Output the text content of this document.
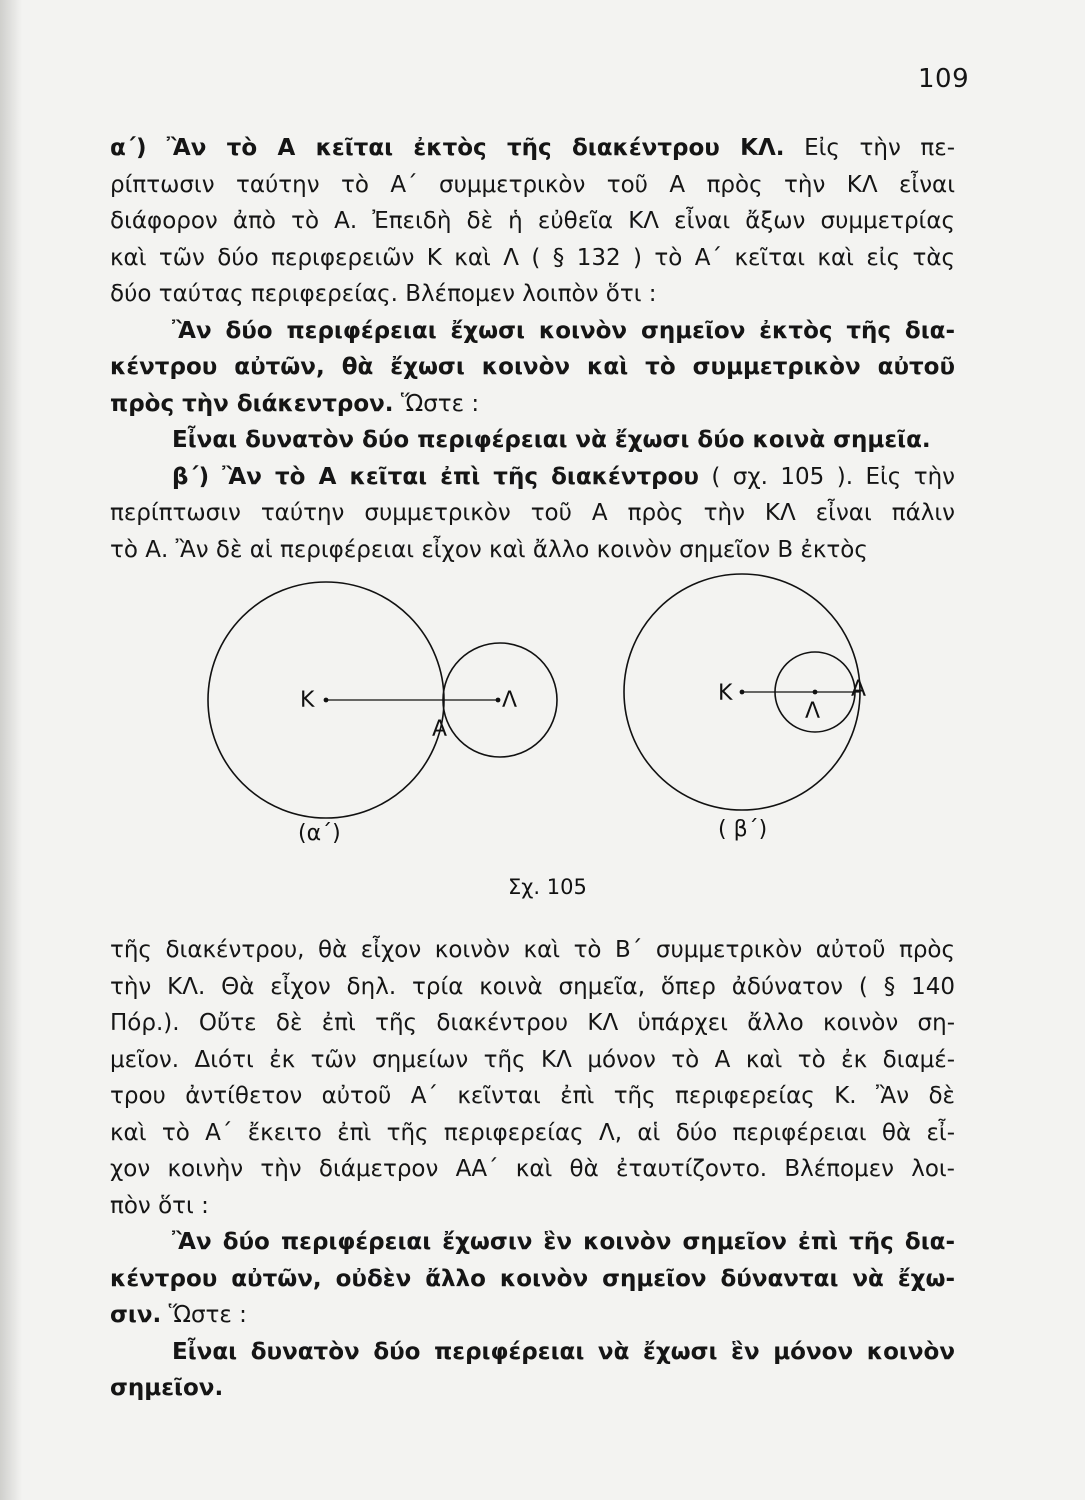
109
α΄) Ἂν τὸ Α κεῖται ἐκτὸς τῆς διακέντρου ΚΛ. Εἰς τὴν πε-
ρίπτωσιν ταύτην τὸ Α΄ συμμετρικὸν τοῦ Α πρὸς τὴν ΚΛ εἶναι
διάφορον ἀπὸ τὸ Α. Ἐπειδὴ δὲ ἡ εὐθεῖα ΚΛ εἶναι ἄξων συμμετρίας
καὶ τῶν δύο περιφερειῶν Κ καὶ Λ ( § 132 ) τὸ Α΄ κεῖται καὶ εἰς τὰς
δύο ταύτας περιφερείας. Βλέπομεν λοιπὸν ὅτι :
Ἂν δύο περιφέρειαι ἔχωσι κοινὸν σημεῖον ἐκτὸς τῆς δια-
κέντρου αὐτῶν, θὰ ἔχωσι κοινὸν καὶ τὸ συμμετρικὸν αὐτοῦ
πρὸς τὴν διάκεντρον. Ὥστε :
Εἶναι δυνατὸν δύο περιφέρειαι νὰ ἔχωσι δύο κοινὰ σημεῖα.
β΄) Ἂν τὸ Α κεῖται ἐπὶ τῆς διακέντρου ( σχ. 105 ). Εἰς τὴν
περίπτωσιν ταύτην συμμετρικὸν τοῦ Α πρὸς τὴν ΚΛ εἶναι πάλιν
τὸ Α. Ἂν δὲ αἱ περιφέρειαι εἶχον καὶ ἄλλο κοινὸν σημεῖον Β ἐκτὸς
Κ	Λ
Α
(α΄)
Κ
Λ
Α
( β΄)
Σχ. 105
τῆς διακέντρου, θὰ εἶχον κοινὸν καὶ τὸ Β΄ συμμετρικὸν αὐτοῦ πρὸς
τὴν ΚΛ. Θὰ εἶχον δηλ. τρία κοινὰ σημεῖα, ὅπερ ἀδύνατον ( § 140
Πόρ.). Οὔτε δὲ ἐπὶ τῆς διακέντρου ΚΛ ὑπάρχει ἄλλο κοινὸν ση-
μεῖον. Διότι ἐκ τῶν σημείων τῆς ΚΛ μόνον τὸ Α καὶ τὸ ἐκ διαμέ-
τρου ἀντίθετον αὐτοῦ Α΄ κεῖνται ἐπὶ τῆς περιφερείας Κ. Ἂν δὲ
καὶ τὸ Α΄ ἔκειτο ἐπὶ τῆς περιφερείας Λ, αἱ δύο περιφέρειαι θὰ εἶ-
χον κοινὴν τὴν διάμετρον ΑΑ΄ καὶ θὰ ἐταυτίζοντο. Βλέπομεν λοι-
πὸν ὅτι :
Ἂν δύο περιφέρειαι ἔχωσιν ἓν κοινὸν σημεῖον ἐπὶ τῆς δια-
κέντρου αὐτῶν, οὐδὲν ἄλλο κοινὸν σημεῖον δύνανται νὰ ἔχω-
σιν. Ὥστε :
Εἶναι δυνατὸν δύο περιφέρειαι νὰ ἔχωσι ἓν μόνον κοινὸν
σημεῖον.
